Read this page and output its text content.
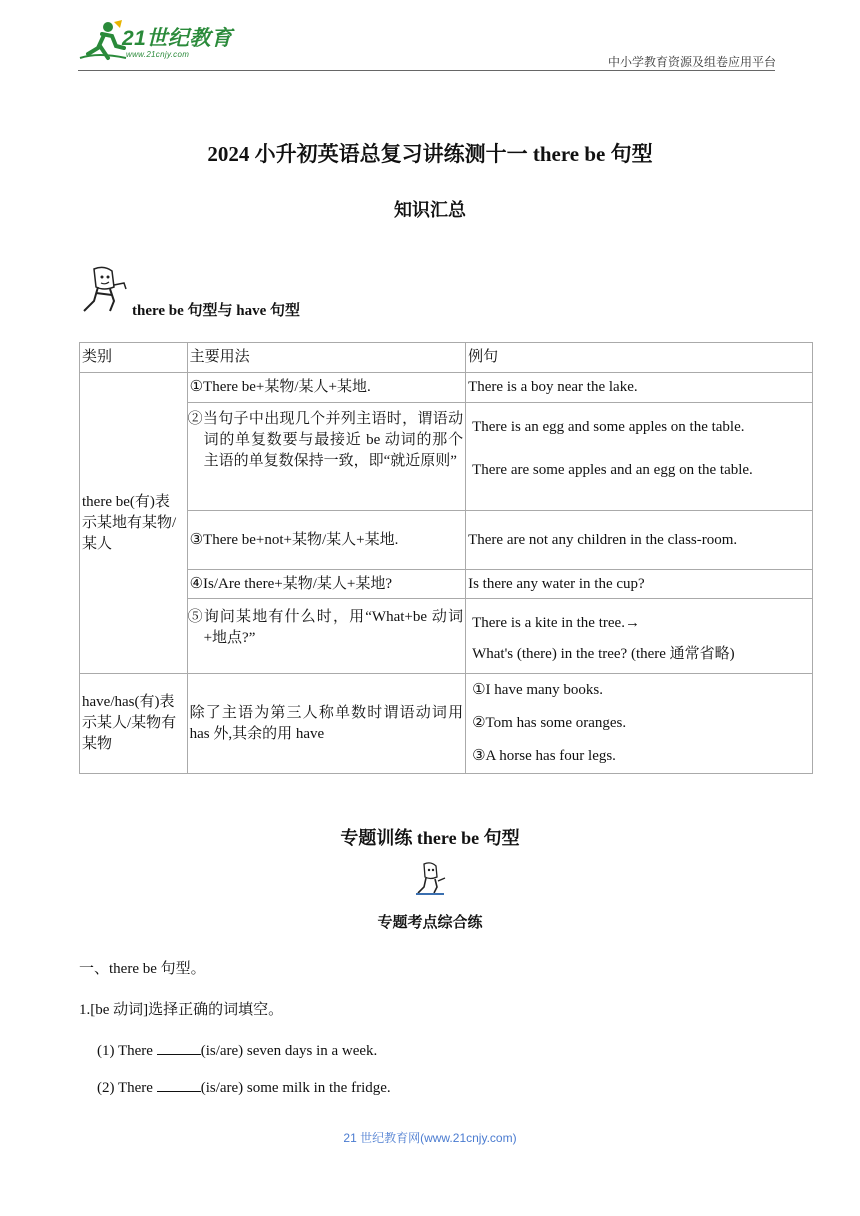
21世纪教育
www.21cnjy.com
中小学教育资源及组卷应用平台
2024 小升初英语总复习讲练测十一 there be 句型
知识汇总
there be 句型与 have 句型
类别	主要用法	例句
there be(有)表示某地有某物/某人	①There be+某物/某人+某地.	There is a boy near the lake.

	②当句子中出现几个并列主语时，谓语动词的单复数要与最接近 be 动词的那个主语的单复数保持一致，即“就近原则”	There is an egg and some apples on the table.
There are some apples and an egg on the table.

	③There be+not+某物/某人+某地.	There are not any children in the class-room.

	④Is/Are there+某物/某人+某地?	Is there any water in the cup?

	⑤询问某地有什么时，用“What+be 动词+地点?”	There is a kite in the tree.→
What's (there) in the tree? (there 通常省略)

have/has(有)表示某人/某物有某物	除了主语为第三人称单数时谓语动词用 has 外,其余的用 have	①I have many books.
②Tom has some oranges.
③A horse has four legs.
专题训练 there be 句型
专题考点综合练
一、there be 句型。
1.[be 动词]选择正确的词填空。
(1) There	(is/are) seven days in a week.
(2) There	(is/are) some milk in the fridge.
21 世纪教育网(www.21cnjy.com)
